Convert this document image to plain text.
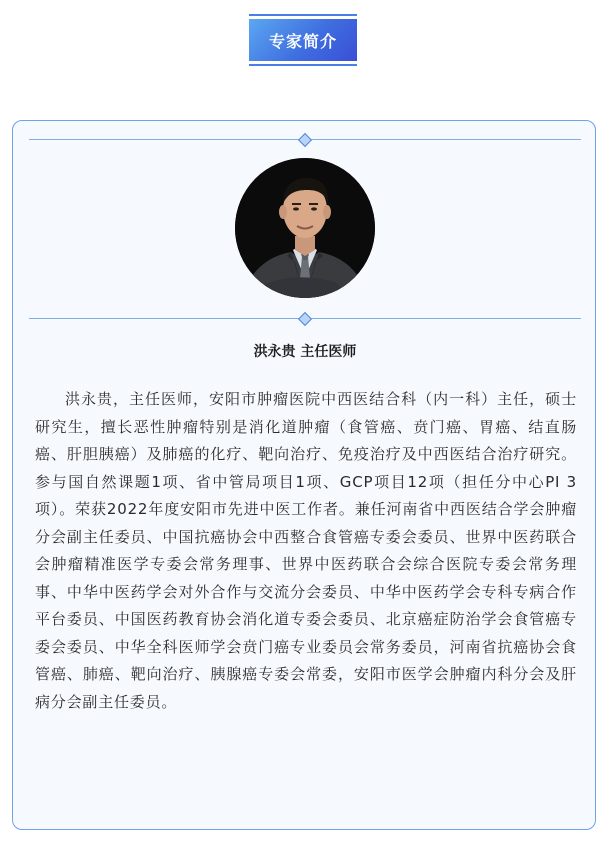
专家简介
洪永贵 主任医师

洪永贵，主任医师，安阳市肿瘤医院中西医结合科（内一科）主任，硕士研究生，擅长恶性肿瘤特别是消化道肿瘤（食管癌、贲门癌、胃癌、结直肠癌、肝胆胰癌）及肺癌的化疗、靶向治疗、免疫治疗及中西医结合治疗研究。参与国自然课题1项、省中管局项目1项、GCP项目12项（担任分中心PI 3项）。荣获2022年度安阳市先进中医工作者。兼任河南省中西医结合学会肿瘤分会副主任委员、中国抗癌协会中西整合食管癌专委会委员、世界中医药联合会肿瘤精准医学专委会常务理事、世界中医药联合会综合医院专委会常务理事、中华中医药学会对外合作与交流分会委员、中华中医药学会专科专病合作平台委员、中国医药教育协会消化道专委会委员、北京癌症防治学会食管癌专委会委员、中华全科医师学会贲门癌专业委员会常务委员，河南省抗癌协会食管癌、肺癌、靶向治疗、胰腺癌专委会常委，安阳市医学会肿瘤内科分会及肝病分会副主任委员。
